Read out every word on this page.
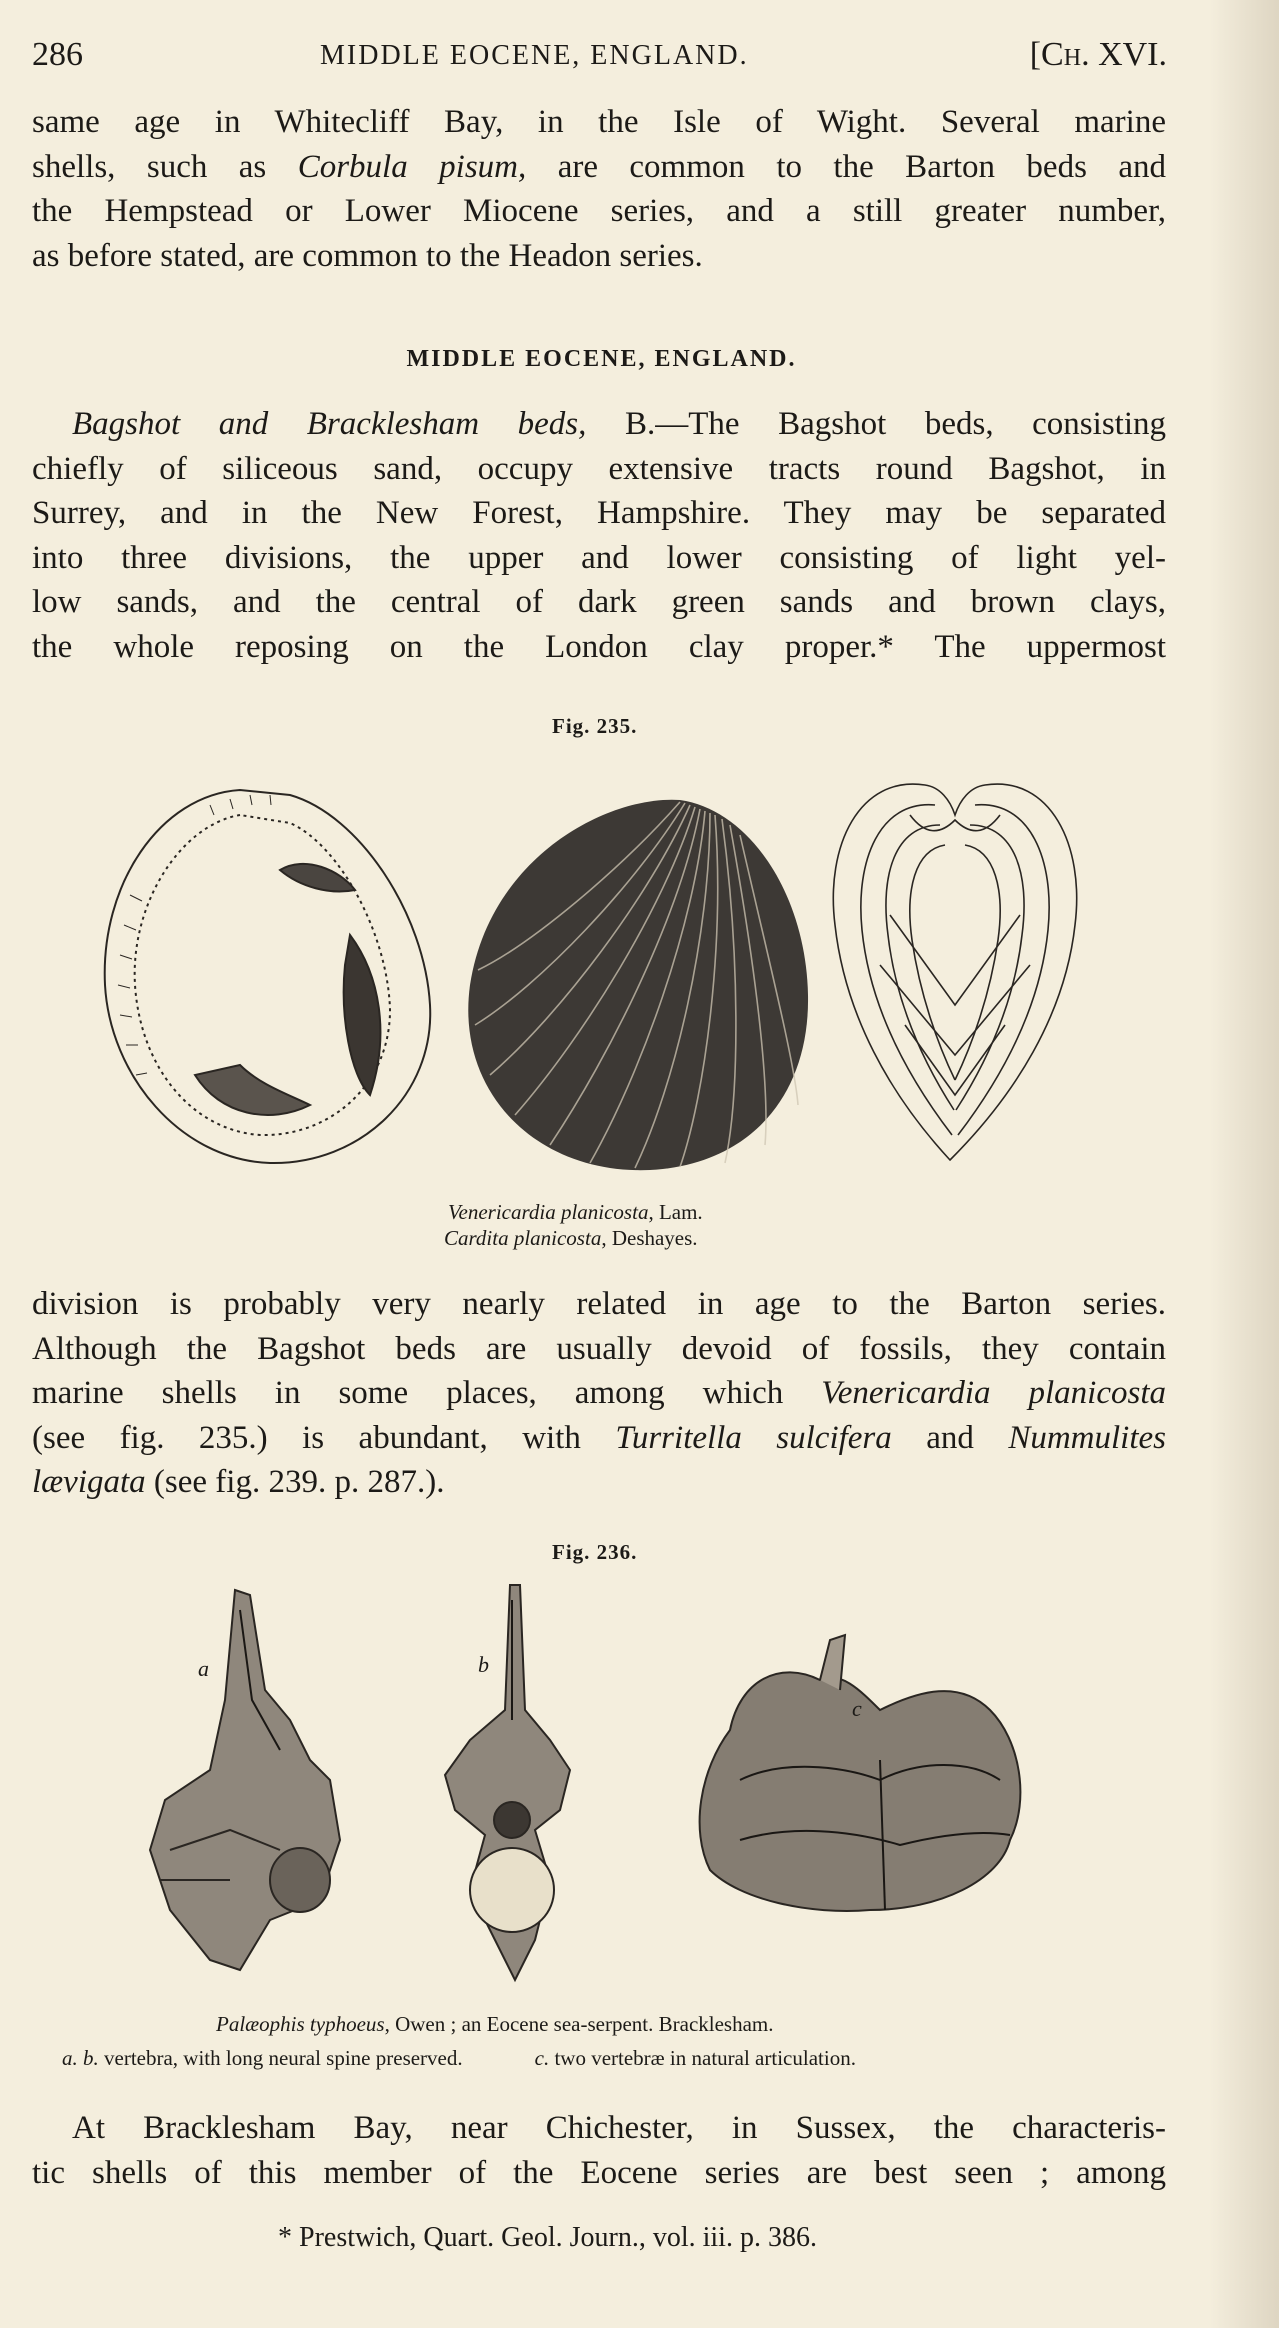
286	MIDDLE EOCENE, ENGLAND.	[Ch. XVI.
same age in Whitecliff Bay, in the Isle of Wight. Several marine
shells, such as Corbula pisum, are common to the Barton beds and
the Hempstead or Lower Miocene series, and a still greater number,
as before stated, are common to the Headon series.
MIDDLE EOCENE, ENGLAND.
Bagshot and Bracklesham beds, B.—The Bagshot beds, consisting
chiefly of siliceous sand, occupy extensive tracts round Bagshot, in
Surrey, and in the New Forest, Hampshire. They may be separated
into three divisions, the upper and lower consisting of light yel-
low sands, and the central of dark green sands and brown clays,
the whole reposing on the London clay proper.* The uppermost
Fig. 235.
Venericardia planicosta, Lam.
Cardita planicosta, Deshayes.
division is probably very nearly related in age to the Barton series.
Although the Bagshot beds are usually devoid of fossils, they contain
marine shells in some places, among which Venericardia planicosta
(see fig. 235.) is abundant, with Turritella sulcifera and Nummulites
lævigata (see fig. 239. p. 287.).
Fig. 236.
a	b
c
Palæophis typhoeus, Owen ; an Eocene sea-serpent. Bracklesham.
a. b. vertebra, with long neural spine preserved.	c. two vertebræ in natural articulation.
At Bracklesham Bay, near Chichester, in Sussex, the characteris-
tic shells of this member of the Eocene series are best seen ; among
* Prestwich, Quart. Geol. Journ., vol. iii. p. 386.
